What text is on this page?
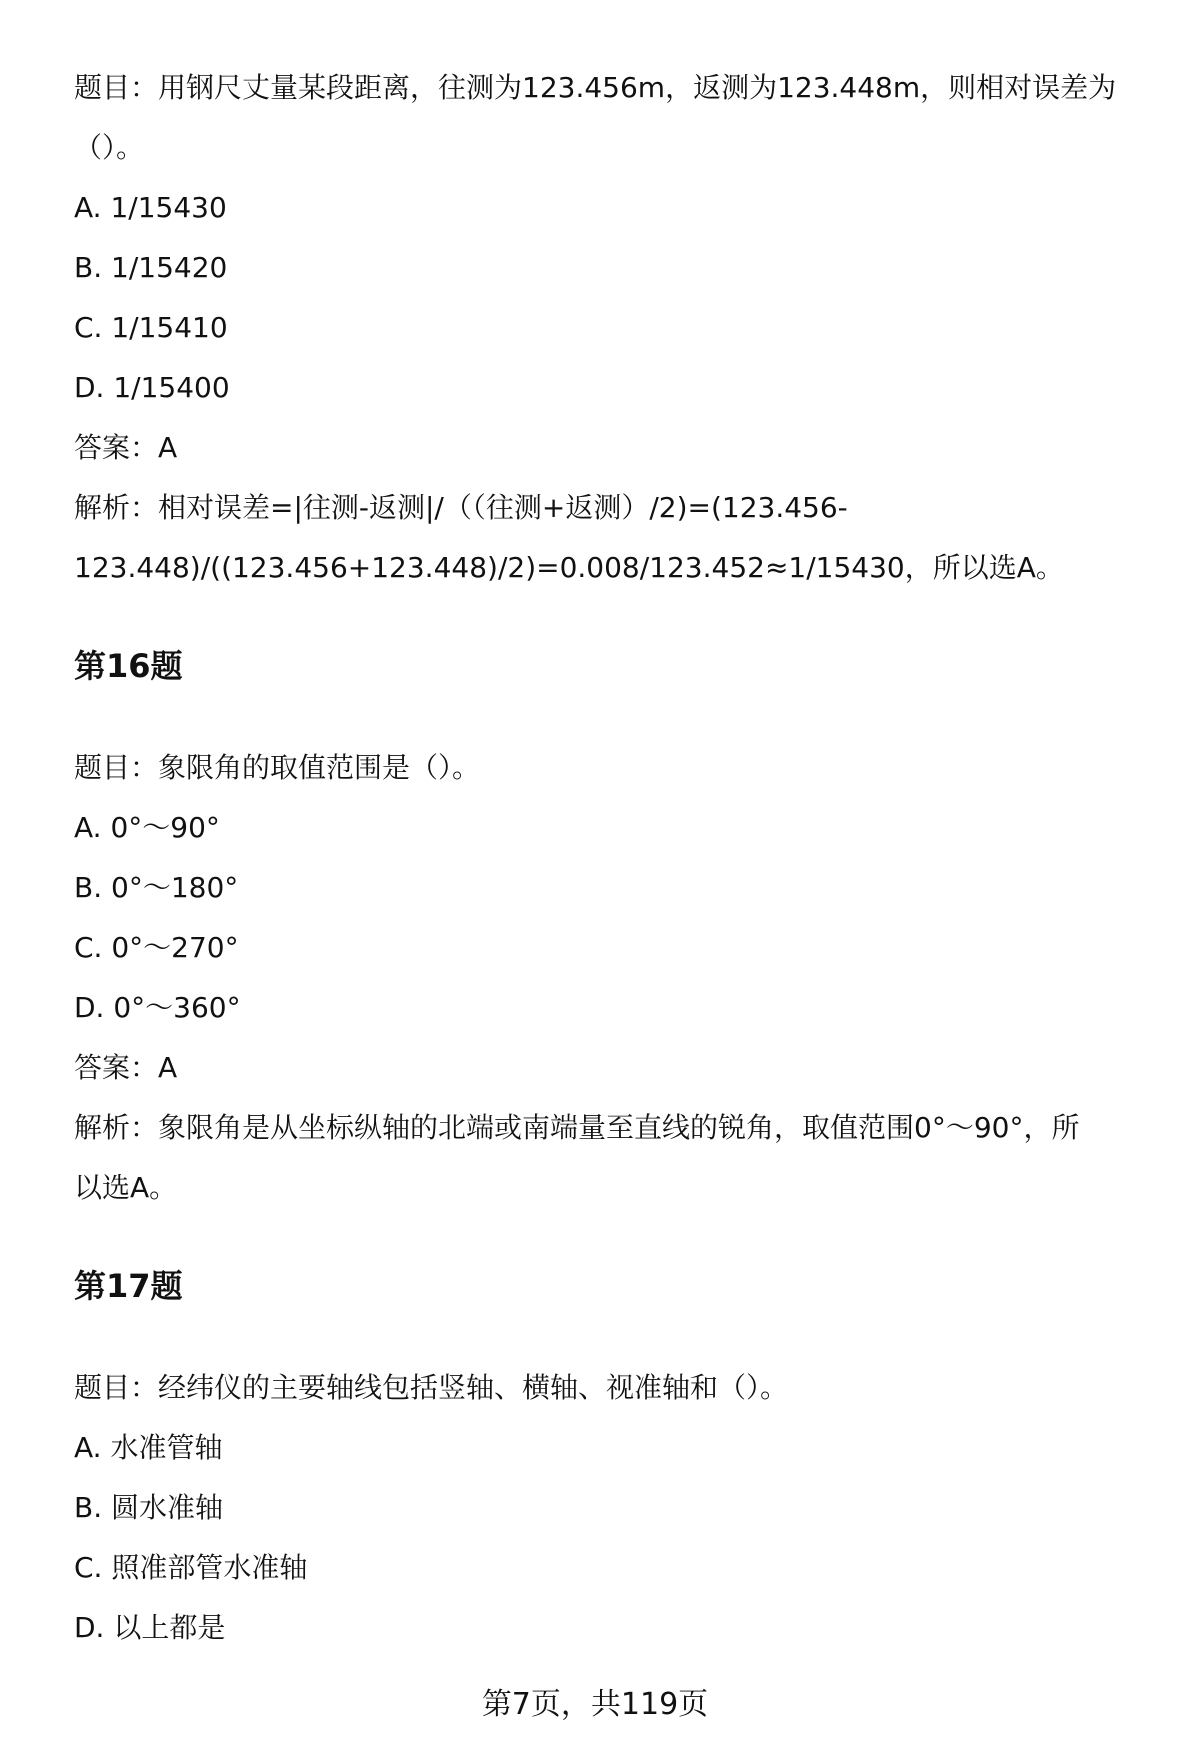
题目：用钢尺丈量某段距离，往测为123.456m，返测为123.448m，则相对误差为

（）。

A. 1/15430

B. 1/15420

C. 1/15410

D. 1/15400

答案：A

解析：相对误差=|往测-返测|/（（往测+返测）/2)=(123.456-

123.448)/((123.456+123.448)/2)=0.008/123.452≈1/15430，所以选A。

第16题

题目：象限角的取值范围是（）。

A. 0°～90°

B. 0°～180°

C. 0°～270°

D. 0°～360°

答案：A

解析：象限角是从坐标纵轴的北端或南端量至直线的锐角，取值范围0°～90°，所

以选A。

第17题

题目：经纬仪的主要轴线包括竖轴、横轴、视准轴和（）。

A. 水准管轴

B. 圆水准轴

C. 照准部管水准轴

D. 以上都是

第7页，共119页
